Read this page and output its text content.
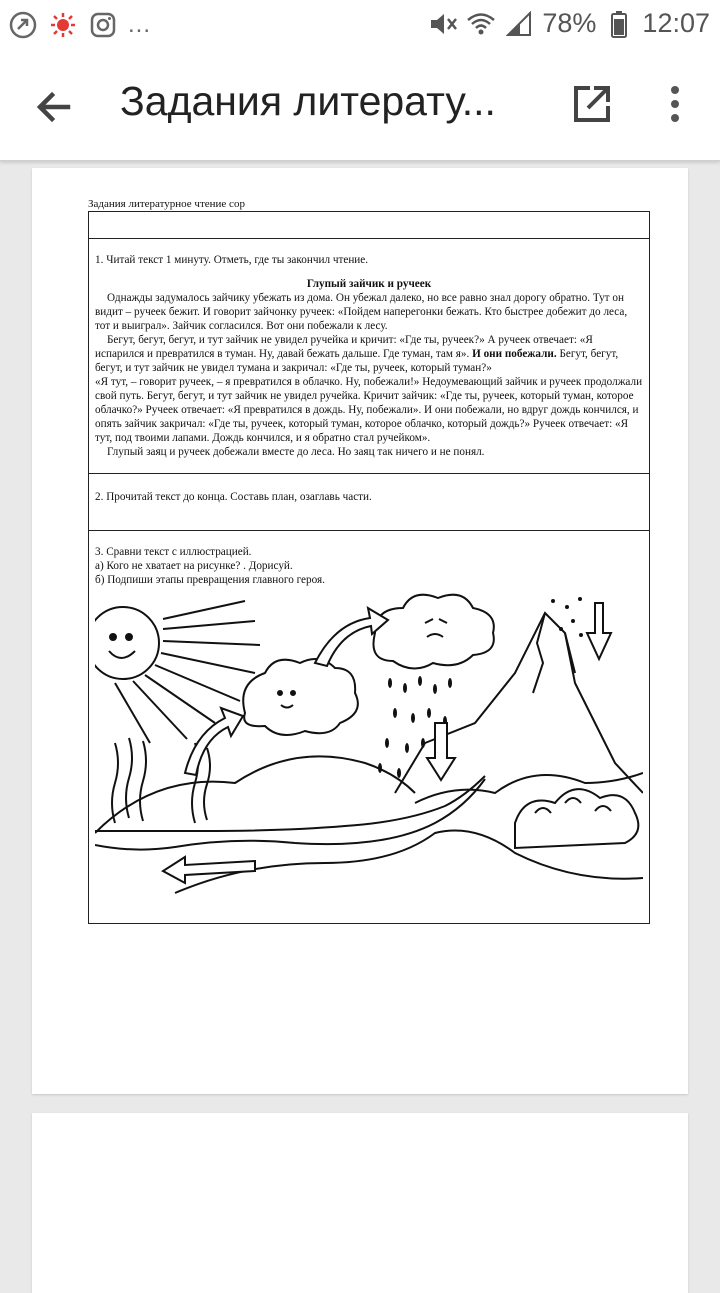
...	78% 12:07
Задания литерату...
Задания литературное чтение сор

1. Читай текст 1 минуту. Отметь, где ты закончил чтение.
Глупый зайчик и ручеек

Однажды задумалось зайчику убежать из дома. Он убежал далеко, но все равно знал дорогу обратно. Тут он видит – ручеек бежит. И говорит зайчонку ручеек: «Пойдем наперегонки бежать. Кто быстрее добежит до леса, тот и выиграл». Зайчик согласился. Вот они побежали к лесу.

Бегут, бегут, бегут, и тут зайчик не увидел ручейка и кричит: «Где ты, ручеек?» А ручеек отвечает: «Я испарился и превратился в туман. Ну, давай бежать дальше. Где туман, там я». И они побежали. Бегут, бегут, бегут, и тут зайчик не увидел тумана и закричал: «Где ты, ручеек, который туман?»

«Я тут, – говорит ручеек, – я превратился в облачко. Ну, побежали!» Недоумевающий зайчик и ручеек продолжали свой путь. Бегут, бегут, и тут зайчик не увидел ручейка. Кричит зайчик: «Где ты, ручеек, который туман, которое облачко?» Ручеек отвечает: «Я превратился в дождь. Ну, побежали». И они побежали, но вдруг дождь кончился, и опять зайчик закричал: «Где ты, ручеек, который туман, которое облачко, который дождь?» Ручеек отвечает: «Я тут, под твоими лапами. Дождь кончился, и я обратно стал ручейком».

Глупый заяц и ручеек добежали вместе до леса. Но заяц так ничего и не понял.

2. Прочитай текст до конца. Составь план, озаглавь части.

3. Сравни текст с иллюстрацией.
а) Кого не хватает на рисунке? . Дорисуй.
б) Подпиши этапы превращения главного героя.
